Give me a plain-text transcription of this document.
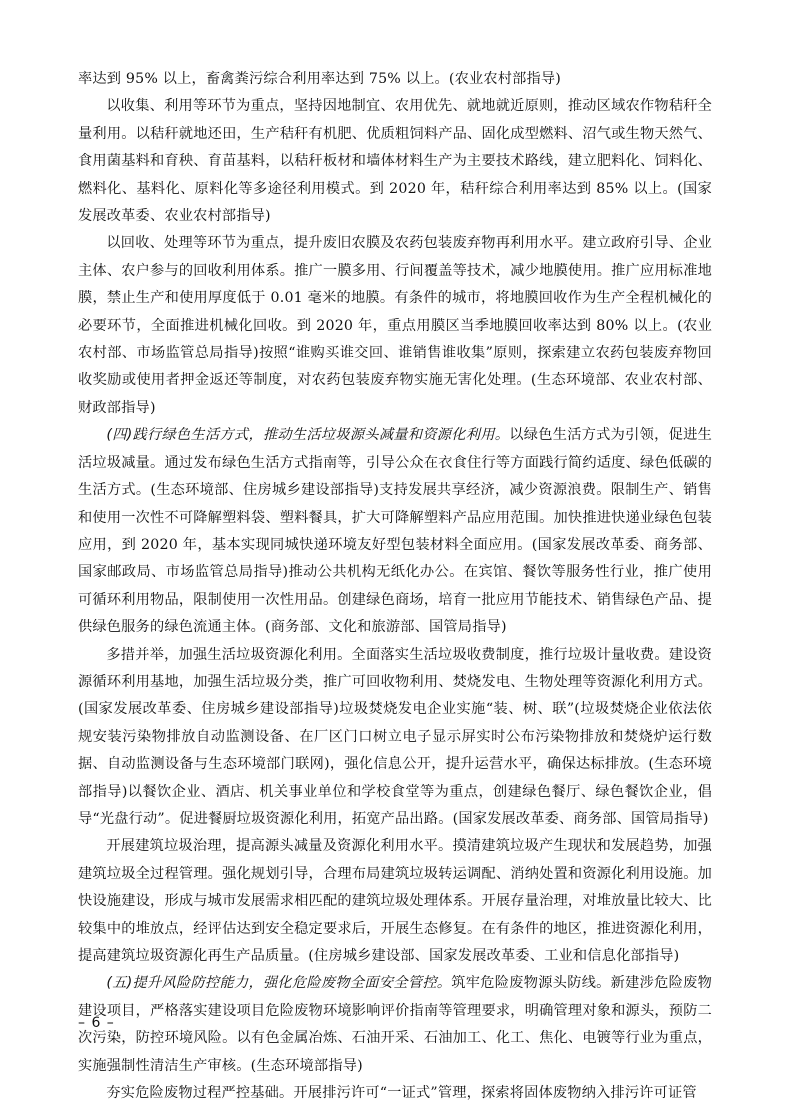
率达到 95% 以上，畜禽粪污综合利用率达到 75% 以上。(农业农村部指导)

以收集、利用等环节为重点，坚持因地制宜、农用优先、就地就近原则，推动区域农作物秸秆全量利用。以秸秆就地还田，生产秸秆有机肥、优质粗饲料产品、固化成型燃料、沼气或生物天然气、食用菌基料和育秧、育苗基料，以秸秆板材和墙体材料生产为主要技术路线，建立肥料化、饲料化、燃料化、基料化、原料化等多途径利用模式。到 2020 年，秸秆综合利用率达到 85% 以上。(国家发展改革委、农业农村部指导)

以回收、处理等环节为重点，提升废旧农膜及农药包装废弃物再利用水平。建立政府引导、企业主体、农户参与的回收利用体系。推广一膜多用、行间覆盖等技术，减少地膜使用。推广应用标准地膜，禁止生产和使用厚度低于 0.01 毫米的地膜。有条件的城市，将地膜回收作为生产全程机械化的必要环节，全面推进机械化回收。到 2020 年，重点用膜区当季地膜回收率达到 80% 以上。(农业农村部、市场监管总局指导)按照“谁购买谁交回、谁销售谁收集”原则，探索建立农药包装废弃物回收奖励或使用者押金返还等制度，对农药包装废弃物实施无害化处理。(生态环境部、农业农村部、财政部指导)

(四)践行绿色生活方式，推动生活垃圾源头减量和资源化利用。以绿色生活方式为引领，促进生活垃圾减量。通过发布绿色生活方式指南等，引导公众在衣食住行等方面践行简约适度、绿色低碳的生活方式。(生态环境部、住房城乡建设部指导)支持发展共享经济，减少资源浪费。限制生产、销售和使用一次性不可降解塑料袋、塑料餐具，扩大可降解塑料产品应用范围。加快推进快递业绿色包装应用，到 2020 年，基本实现同城快递环境友好型包装材料全面应用。(国家发展改革委、商务部、国家邮政局、市场监管总局指导)推动公共机构无纸化办公。在宾馆、餐饮等服务性行业，推广使用可循环利用物品，限制使用一次性用品。创建绿色商场，培育一批应用节能技术、销售绿色产品、提供绿色服务的绿色流通主体。(商务部、文化和旅游部、国管局指导)

多措并举，加强生活垃圾资源化利用。全面落实生活垃圾收费制度，推行垃圾计量收费。建设资源循环利用基地，加强生活垃圾分类，推广可回收物利用、焚烧发电、生物处理等资源化利用方式。(国家发展改革委、住房城乡建设部指导)垃圾焚烧发电企业实施“装、树、联”(垃圾焚烧企业依法依规安装污染物排放自动监测设备、在厂区门口树立电子显示屏实时公布污染物排放和焚烧炉运行数据、自动监测设备与生态环境部门联网)，强化信息公开，提升运营水平，确保达标排放。(生态环境部指导)以餐饮企业、酒店、机关事业单位和学校食堂等为重点，创建绿色餐厅、绿色餐饮企业，倡导“光盘行动”。促进餐厨垃圾资源化利用，拓宽产品出路。(国家发展改革委、商务部、国管局指导)

开展建筑垃圾治理，提高源头减量及资源化利用水平。摸清建筑垃圾产生现状和发展趋势，加强建筑垃圾全过程管理。强化规划引导，合理布局建筑垃圾转运调配、消纳处置和资源化利用设施。加快设施建设，形成与城市发展需求相匹配的建筑垃圾处理体系。开展存量治理，对堆放量比较大、比较集中的堆放点，经评估达到安全稳定要求后，开展生态修复。在有条件的地区，推进资源化利用，提高建筑垃圾资源化再生产品质量。(住房城乡建设部、国家发展改革委、工业和信息化部指导)

(五)提升风险防控能力，强化危险废物全面安全管控。筑牢危险废物源头防线。新建涉危险废物建设项目，严格落实建设项目危险废物环境影响评价指南等管理要求，明确管理对象和源头，预防二次污染，防控环境风险。以有色金属冶炼、石油开采、石油加工、化工、焦化、电镀等行业为重点，实施强制性清洁生产审核。(生态环境部指导)

夯实危险废物过程严控基础。开展排污许可“一证式”管理，探索将固体废物纳入排污许可证管

– 6 –
